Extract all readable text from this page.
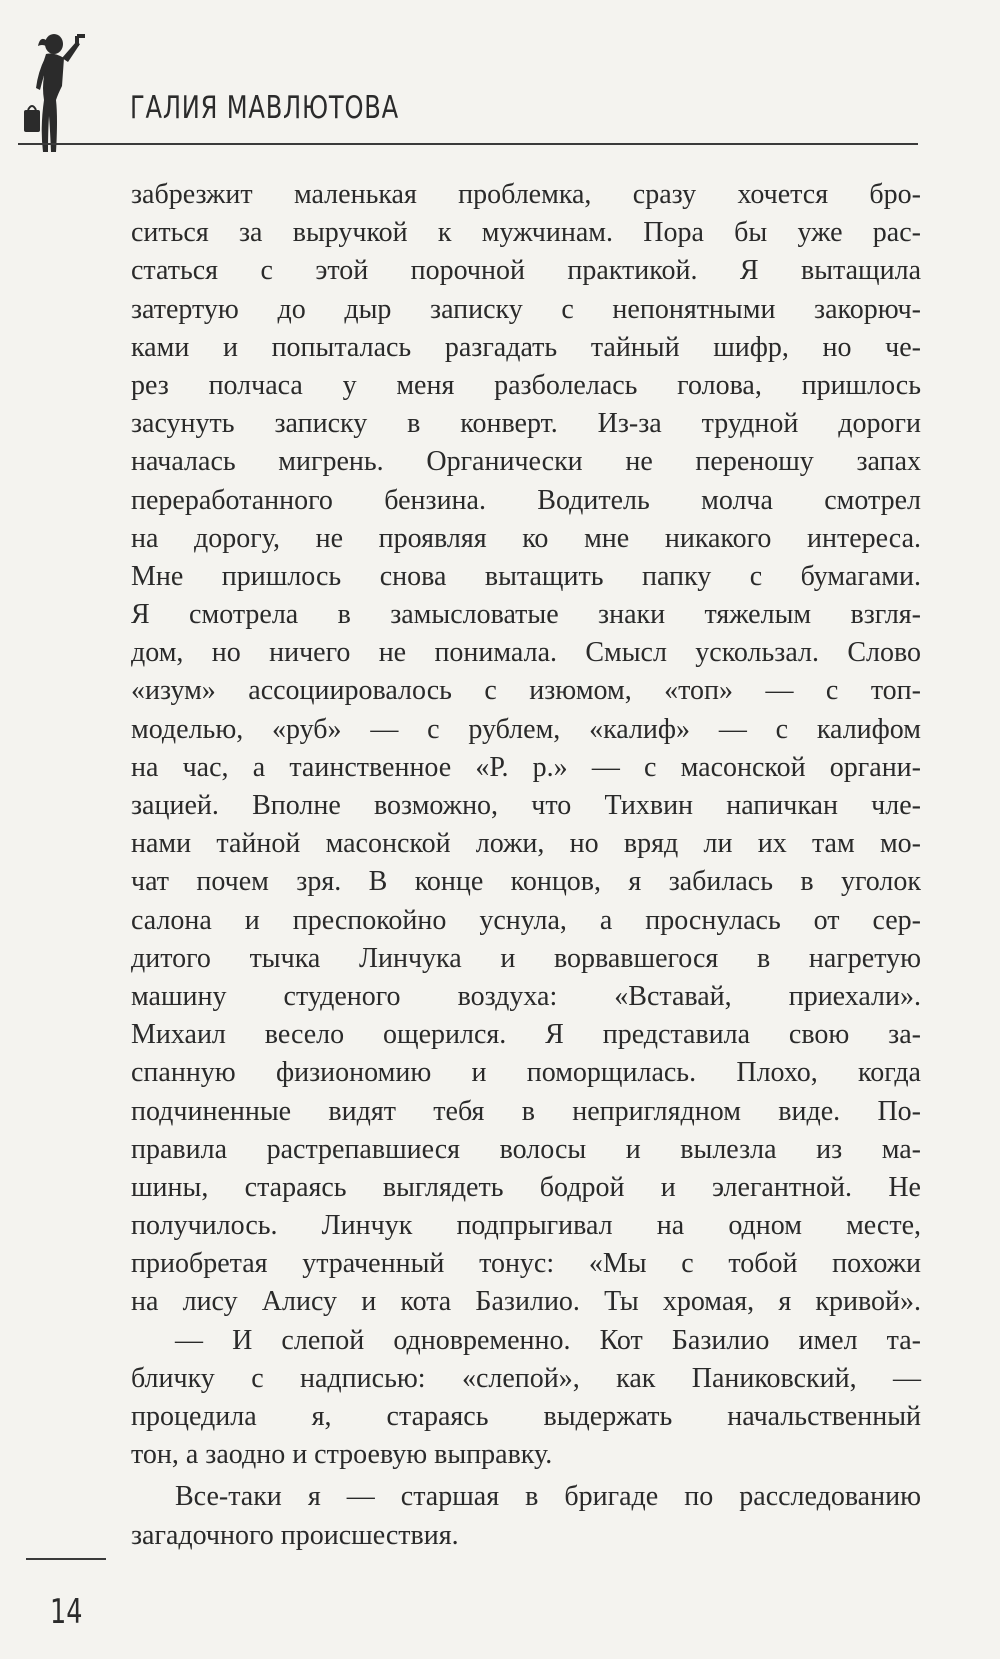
ГАЛИЯ МАВЛЮТОВА
забрезжит маленькая проблемка, сразу хочется бро-
ситься за выручкой к мужчинам. Пора бы уже рас-
статься с этой порочной практикой. Я вытащила
затертую до дыр записку с непонятными закорюч-
ками и попыталась разгадать тайный шифр, но че-
рез полчаса у меня разболелась голова, пришлось
засунуть записку в конверт. Из-за трудной дороги
началась мигрень. Органически не переношу запах
переработанного бензина. Водитель молча смотрел
на дорогу, не проявляя ко мне никакого интереса.
Мне пришлось снова вытащить папку с бумагами.
Я смотрела в замысловатые знаки тяжелым взгля-
дом, но ничего не понимала. Смысл ускользал. Слово
«изум» ассоциировалось с изюмом, «топ» — с топ-
моделью, «руб» — с рублем, «калиф» — с калифом
на час, а таинственное «Р. р.» — с масонской органи-
зацией. Вполне возможно, что Тихвин напичкан чле-
нами тайной масонской ложи, но вряд ли их там мо-
чат почем зря. В конце концов, я забилась в уголок
салона и преспокойно уснула, а проснулась от сер-
дитого тычка Линчука и ворвавшегося в нагретую
машину студеного воздуха: «Вставай, приехали».
Михаил весело ощерился. Я представила свою за-
спанную физиономию и поморщилась. Плохо, когда
подчиненные видят тебя в неприглядном виде. По-
правила растрепавшиеся волосы и вылезла из ма-
шины, стараясь выглядеть бодрой и элегантной. Не
получилось. Линчук подпрыгивал на одном месте,
приобретая утраченный тонус: «Мы с тобой похожи
на лису Алису и кота Базилио. Ты хромая, я кривой».
— И слепой одновременно. Кот Базилио имел та-
бличку с надписью: «слепой», как Паниковский, —
процедила я, стараясь выдержать начальственный
тон, а заодно и строевую выправку.
Все-таки я — старшая в бригаде по расследованию
загадочного происшествия.
14
